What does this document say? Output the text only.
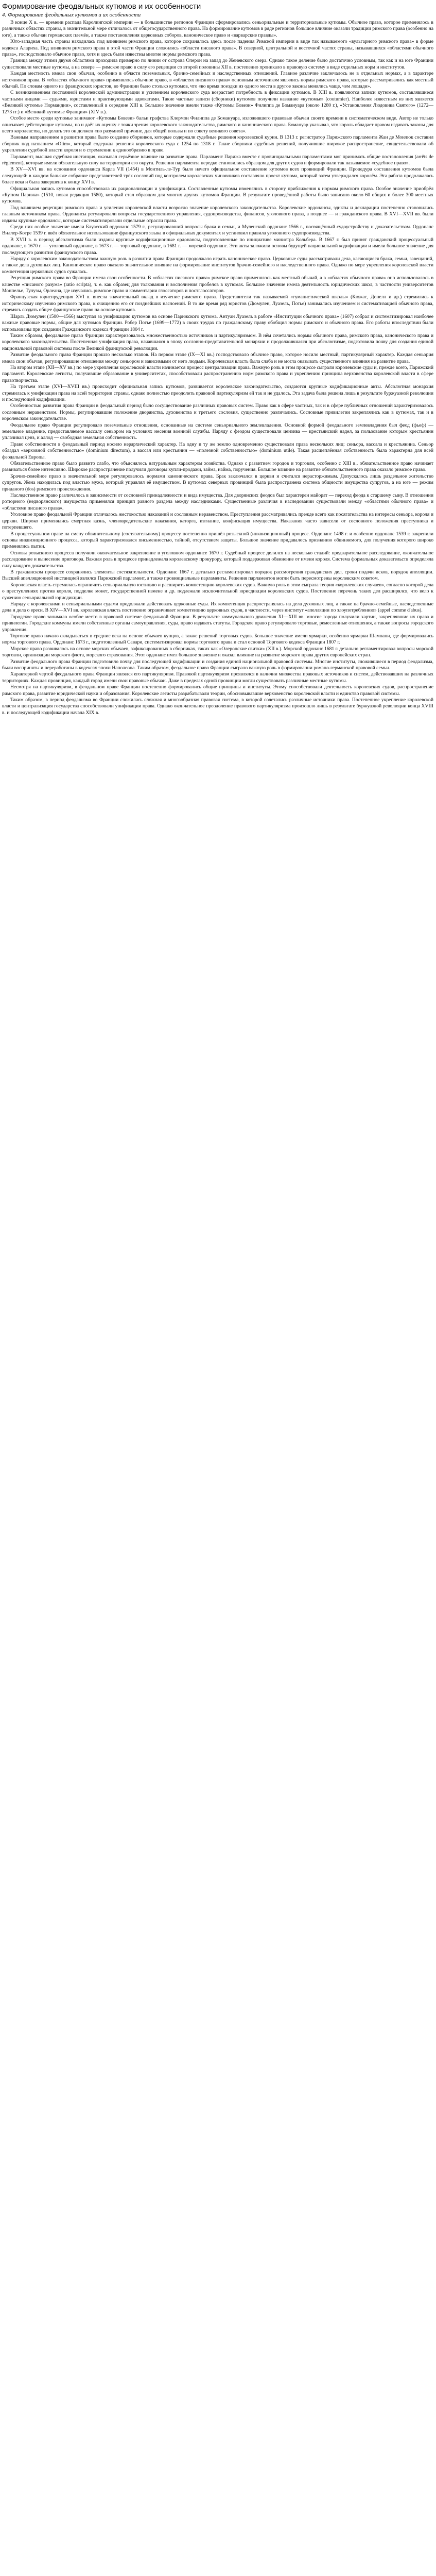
Формирование феодальных кутюмов и их особенности
4. Формирование феодальных кутюмов и их особенности

В конце X в. — времени распада Каролингской империи — в большинстве регионов Франции сформировались сеньориальные и территориальные кутюмы. Обычное право, которое применялось в различных областях страны, в значительной мере отличалось от общегосударственного права. На формирование кутюмов в ряде регионов большое влияние оказали традиции римского права (особенно на юге), а также обычаи германских племён, а также постановления церковных соборов, каноническое право и «варварские правды».

Юго-западная часть страны находилась под влиянием римского права, которое сохранялось здесь после падения Римской империи в виде так называемого «вульгарного римского права» в форме кодекса Алариха. Под влиянием римского права в этой части Франции сложились «области писаного права». В северной, центральной и восточной частях страны, называвшихся «областями обычного права», господствовало обычное право, хотя и здесь были известны многие нормы римского права.

Граница между этими двумя областями проходила примерно по линии от острова Олерон на запад до Женевского озера. Однако такое деление было достаточно условным, так как и на юге Франции существовали местные кутюмы, а на севере — римское право в силу его рецепции со второй половины XII в. постепенно проникало в правовую систему в виде отдельных норм и институтов.

Каждая местность имела свои обычаи, особенно в области поземельных, брачно-семейных и наследственных отношений. Главное различие заключалось не в отдельных нормах, а в характере источников права. В «областях обычного права» применялось обычное право, в «областях писаного права» основным источником являлись нормы римского права, которые рассматривались как местный обычай. По словам одного из французских юристов, во Франции было столько кутюмов, что «во время поездки из одного места в другое законы менялись чаще, чем лошади».

С возникновением постоянной королевской администрации и усилением королевского суда возрастает потребность в фиксации кутюмов. В XIII в. появляются записи кутюмов, составлявшиеся частными лицами — судьями, юристами и практикующими адвокатами. Такие частные записи (сборники) кутюмов получили название «кутюмье» (coutumier). Наиболее известным из них является «Великий кутюмье Нормандии», составленный в середине XIII в. Большое значение имели также «Кутюмы Бовези» Филиппа де Бомануара (около 1280 г.), «Установления Людовика Святого» (1272—1273 гг.) и «Великий кутюмье Франции» (XIV в.).

Особое место среди кутюмье занимают «Кутюмы Бовези» бальи графства Клермон Филиппа де Бомануара, изложившего правовые обычаи своего времени в систематическом виде. Автор не только описывает действующие кутюмы, но и даёт их оценку с точки зрения королевского законодательства, римского и канонического права. Бомануар указывал, что король обладает правом издавать законы для всего королевства, но делать это он должен «по разумной причине, для общей пользы и по совету великого совета».

Важным направлением в развитии права было создание сборников, которые содержали судебные решения королевской курии. В 1313 г. регистратор Парижского парламента Жан де Монлюк составил сборник под названием «Olim», который содержал решения королевского суда с 1254 по 1318 г. Такие сборники судебных решений, получившие широкое распространение, свидетельствовали об укреплении судебной власти короля и о стремлении к единообразию в праве.

Парламент, высшая судебная инстанция, оказывал серьёзное влияние на развитие права. Парламент Парижа вместе с провинциальными парламентами мог принимать общие постановления (arrêts de règlement), которые имели обязательную силу на территории его округа. Решения парламента нередко становились образцом для других судов и формировали так называемое «судебное право».

В XV—XVI вв. на основании ордонанса Карла VII (1454) в Монтиль-ле-Тур было начато официальное составление кутюмов всех провинций Франции. Процедура составления кутюмов была следующей: в каждом бальяже собрание представителей трёх сословий под контролем королевских чиновников составляло проект кутюма, который затем утверждался королём. Эта работа продолжалась более века и была завершена к концу XVI в.

Официальная запись кутюмов способствовала их рационализации и унификации. Составленные кутюмы изменялись в сторону приближения к нормам римского права. Особое значение приобрёл «Кутюм Парижа» (1510, новая редакция 1580), который стал образцом для многих других кутюмов Франции. В результате проведённой работы было записано около 60 общих и более 300 местных кутюмов.

Под влиянием рецепции римского права и усиления королевской власти возросло значение королевского законодательства. Королевские ордонансы, эдикты и декларации постепенно становились главным источником права. Ордонансы регулировали вопросы государственного управления, судопроизводства, финансов, уголовного права, а позднее — и гражданского права. В XVI—XVII вв. были изданы крупные ордонансы, которые систематизировали отдельные отрасли права.

Среди них особое значение имели Блуасский ордонанс 1579 г., регулировавший вопросы брака и семьи, и Муленский ордонанс 1566 г., посвящённый судоустройству и доказательствам. Ордонанс Виллер-Котре 1539 г. ввёл обязательное использование французского языка в официальных документах и установил правила уголовного судопроизводства.

В XVII в. в период абсолютизма были изданы крупные кодификационные ордонансы, подготовленные по инициативе министра Кольбера. В 1667 г. был принят гражданский процессуальный ордонанс, в 1670 г. — уголовный ордонанс, в 1673 г. — торговый ордонанс, в 1681 г. — морской ордонанс. Эти акты заложили основы будущей национальной кодификации и имели большое значение для последующего развития французского права.

Наряду с королевским законодательством важную роль в развитии права Франции продолжало играть каноническое право. Церковные суды рассматривали дела, касающиеся брака, семьи, завещаний, а также дела духовных лиц. Каноническое право оказало значительное влияние на формирование институтов брачно-семейного и наследственного права. Однако по мере укрепления королевской власти компетенция церковных судов сужалась.

Рецепция римского права во Франции имела свои особенности. В «областях писаного права» римское право применялось как местный обычай, а в «областях обычного права» оно использовалось в качестве «писаного разума» (ratio scripta), т. е. как образец для толкования и восполнения пробелов в кутюмах. Большое значение имела деятельность юридических школ, в частности университетов Монпелье, Тулузы, Орлеана, где изучались римское право и комментарии глоссаторов и постглоссаторов.

Французская юриспруденция XVI в. внесла значительный вклад в изучение римского права. Представители так называемой «гуманистической школы» (Кюжас, Донелл и др.) стремились к историческому изучению римского права, к очищению его от позднейших наслоений. В то же время ряд юристов (Дюмулен, Луазель, Потье) занимались изучением и систематизацией обычного права, стремясь создать общее французское право на основе кутюмов.

Шарль Дюмулен (1500—1566) выступал за унификацию кутюмов на основе Парижского кутюма. Антуан Луазель в работе «Институции обычного права» (1607) собрал и систематизировал наиболее важные правовые нормы, общие для кутюмов Франции. Робер Потье (1699—1772) в своих трудах по гражданскому праву обобщил нормы римского и обычного права. Его работы впоследствии были использованы при создании Гражданского кодекса Франции 1804 г.

Таким образом, феодальное право Франции характеризовалось множественностью источников и партикуляризмом. В нём сочетались нормы обычного права, римского права, канонического права и королевского законодательства. Постепенная унификация права, начавшаяся в эпоху сословно-представительной монархии и продолжившаяся при абсолютизме, подготовила почву для создания единой национальной правовой системы после Великой французской революции.

Развитие феодального права Франции прошло несколько этапов. На первом этапе (IX—XI вв.) господствовало обычное право, которое носило местный, партикулярный характер. Каждая сеньория имела свои обычаи, регулировавшие отношения между сеньором и зависимыми от него людьми. Королевская власть была слаба и не могла оказывать существенного влияния на развитие права.

На втором этапе (XII—XV вв.) по мере укрепления королевской власти начинается процесс централизации права. Важную роль в этом процессе сыграли королевские суды и, прежде всего, Парижский парламент. Королевские легисты, получившие образование в университетах, способствовали распространению норм римского права и укреплению принципа верховенства королевской власти в сфере правотворчества.

На третьем этапе (XVI—XVIII вв.) происходит официальная запись кутюмов, развивается королевское законодательство, создаются крупные кодификационные акты. Абсолютная монархия стремилась к унификации права на всей территории страны, однако полностью преодолеть правовой партикуляризм ей так и не удалось. Эта задача была решена лишь в результате буржуазной революции и последующей кодификации.

Особенностью развития права Франции в феодальный период было сосуществование различных правовых систем. Право как в сфере частных, так и в сфере публичных отношений характеризовалось сословным неравенством. Нормы, регулировавшие положение дворянства, духовенства и третьего сословия, существенно различались. Сословные привилегии закреплялись как в кутюмах, так и в королевском законодательстве.

Феодальное право Франции регулировало поземельные отношения, основанные на системе сеньориального землевладения. Основной формой феодального землевладения был феод (фьеф) — земельное владение, предоставляемое вассалу сеньором на условиях несения военной службы. Наряду с феодом существовали цензива — крестьянский надел, за пользование которым крестьянин уплачивал ценз, и аллод — свободная земельная собственность.

Право собственности в феодальный период носило иерархический характер. На одну и ту же землю одновременно существовали права нескольких лиц: сеньора, вассала и крестьянина. Сеньор обладал «верховной собственностью» (dominium directum), а вассал или крестьянин — «полезной собственностью» (dominium utile). Такая расщеплённая собственность была характерна для всей феодальной Европы.

Обязательственное право было развито слабо, что объяснялось натуральным характером хозяйства. Однако с развитием городов и торговли, особенно с XIII в., обязательственное право начинает развиваться более интенсивно. Широкое распространение получили договоры купли-продажи, займа, найма, поручения. Большое влияние на развитие обязательственного права оказало римское право.

Брачно-семейное право в значительной мере регулировалось нормами канонического права. Брак заключался в церкви и считался нерасторжимым. Допускалось лишь раздельное жительство супругов. Жена находилась под властью мужа, который управлял её имуществом. В кутюмах северных провинций была распространена система общности имущества супругов, а на юге — режим приданого (dos) римского происхождения.

Наследственное право различалось в зависимости от сословной принадлежности и вида имущества. Для дворянских феодов был характерен майорат — переход феода к старшему сыну. В отношении ротюрного (недворянского) имущества применялся принцип равного раздела между наследниками. Существенные различия в наследовании существовали между «областями обычного права» и «областями писаного права».

Уголовное право феодальной Франции отличалось жестокостью наказаний и сословным неравенством. Преступления рассматривались прежде всего как посягательства на интересы сеньора, короля и церкви. Широко применялись смертная казнь, членовредительские наказания, каторга, изгнание, конфискация имущества. Наказания часто зависели от сословного положения преступника и потерпевшего.

В процессуальном праве на смену обвинительному (состязательному) процессу постепенно пришёл розыскной (инквизиционный) процесс. Ордонанс 1498 г. и особенно ордонанс 1539 г. закрепили основы инквизиционного процесса, который характеризовался письменностью, тайной, отсутствием защиты. Большое значение придавалось признанию обвиняемого, для получения которого широко применялись пытки.

Основы розыскного процесса получили окончательное закрепление в уголовном ордонансе 1670 г. Судебный процесс делился на несколько стадий: предварительное расследование, окончательное расследование и вынесение приговора. Важная роль в процессе принадлежала королевскому прокурору, который поддерживал обвинение от имени короля. Система формальных доказательств определяла силу каждого доказательства.

В гражданском процессе сохранялись элементы состязательности. Ордонанс 1667 г. детально регламентировал порядок рассмотрения гражданских дел, сроки подачи исков, порядок апелляции. Высшей апелляционной инстанцией являлся Парижский парламент, а также провинциальные парламенты. Решения парламентов могли быть пересмотрены королевским советом.

Королевская власть стремилась ограничить сеньориальную юстицию и расширить компетенцию королевских судов. Важную роль в этом сыграла теория «королевских случаев», согласно которой дела о преступлениях против короля, подделке монет, государственной измене и др. подлежали исключительной юрисдикции королевских судов. Постепенно перечень таких дел расширялся, что вело к сужению сеньориальной юрисдикции.

Наряду с королевскими и сеньориальными судами продолжали действовать церковные суды. Их компетенция распространялась на дела духовных лиц, а также на брачно-семейные, наследственные дела и дела о ереси. В XIV—XVI вв. королевская власть постепенно ограничивает компетенцию церковных судов, в частности, через институт «апелляции по злоупотреблению» (appel comme d'abus).

Городское право занимало особое место в правовой системе феодальной Франции. В результате коммунального движения XI—XIII вв. многие города получили хартии, закреплявшие их права и привилегии. Городские коммуны имели собственные органы самоуправления, суды, право издавать статуты. Городское право регулировало торговые, ремесленные отношения, а также вопросы городского управления.

Торговое право начало складываться в средние века на основе обычаев купцов, а также решений торговых судов. Большое значение имели ярмарки, особенно ярмарки Шампани, где формировались нормы торгового права. Ордонанс 1673 г., подготовленный Савари, систематизировал нормы торгового права и стал основой Торгового кодекса Франции 1807 г.

Морское право развивалось на основе морских обычаев, зафиксированных в сборниках, таких как «Олеронские свитки» (XII в.). Морской ордонанс 1681 г. детально регламентировал вопросы морской торговли, организации морского флота, морского страхования. Этот ордонанс имел большое значение и оказал влияние на развитие морского права других европейских стран.

Развитие феодального права Франции подготовило почву для последующей кодификации и создания единой национальной правовой системы. Многие институты, сложившиеся в период феодализма, были восприняты и переработаны в кодексах эпохи Наполеона. Таким образом, феодальное право Франции сыграло важную роль в формировании романо-германской правовой семьи.

Характерной чертой феодального права Франции являлся его партикуляризм. Правовой партикуляризм проявлялся в наличии множества правовых источников и систем, действовавших на различных территориях. Каждая провинция, каждый город имели свои правовые обычаи. Даже в пределах одной провинции могли существовать различные местные кутюмы.

Несмотря на партикуляризм, в феодальном праве Франции постепенно формировались общие принципы и институты. Этому способствовали деятельность королевских судов, распространение римского права, развитие юридической науки и образования. Королевские легисты разрабатывали теории, обосновывавшие верховенство королевской власти и единство правовой системы.

Таким образом, в период феодализма во Франции сложилась сложная и многообразная правовая система, в которой сочетались различные источники права. Постепенное укрепление королевской власти и централизация государства способствовали унификации права. Однако окончательное преодоление правового партикуляризма произошло лишь в результате буржуазной революции конца XVIII в. и последующей кодификации начала XIX в.
